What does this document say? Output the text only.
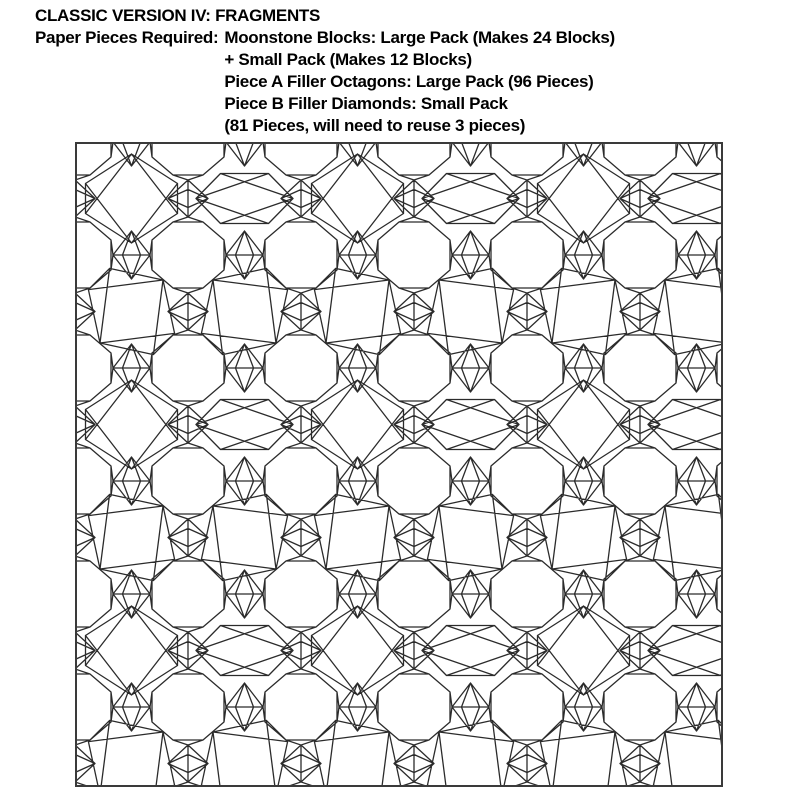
CLASSIC VERSION IV: FRAGMENTS
Paper Pieces Required: Moonstone Blocks: Large Pack (Makes 24 Blocks)
+ Small Pack (Makes 12 Blocks)
Piece A Filler Octagons: Large Pack (96 Pieces)
Piece B Filler Diamonds: Small Pack
(81 Pieces, will need to reuse 3 pieces)
